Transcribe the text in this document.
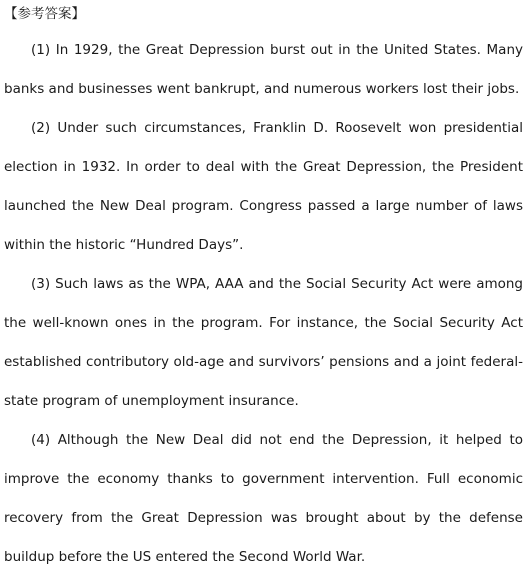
【参考答案】

(1) In 1929, the Great Depression burst out in the United States. Many banks and businesses went bankrupt, and numerous workers lost their jobs.

(2) Under such circumstances, Franklin D. Roosevelt won presidential election in 1932. In order to deal with the Great Depression, the President launched the New Deal program. Congress passed a large number of laws within the historic “Hundred Days”.

(3) Such laws as the WPA, AAA and the Social Security Act were among the well-known ones in the program. For instance, the Social Security Act established contributory old-age and survivors’ pensions and a joint federal-state program of unemployment insurance.

(4) Although the New Deal did not end the Depression, it helped to improve the economy thanks to government intervention. Full economic recovery from the Great Depression was brought about by the defense buildup before the US entered the Second World War.
